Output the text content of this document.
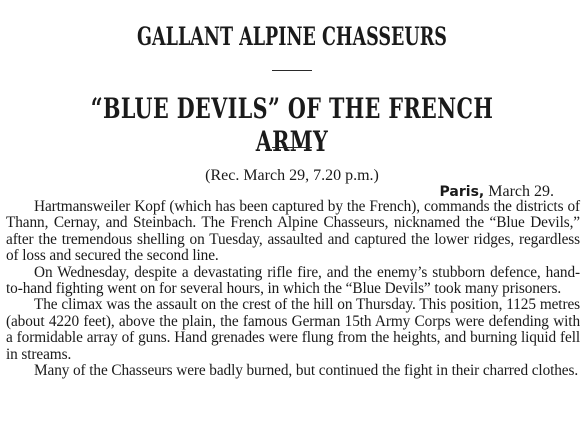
GALLANT ALPINE CHASSEURS
“BLUE DEVILS” OF THE FRENCH ARMY
(Rec. March 29, 7.20 p.m.)
Paris, March 29.

Hartmansweiler Kopf (which has been captured by the French), commands the districts of Thann, Cernay, and Steinbach. The French Alpine Chasseurs, nicknamed the “Blue Devils,” after the tremendous shelling on Tuesday, assaulted and captured the lower ridges, regardless of loss and secured the second line.

On Wednesday, despite a devastating rifle fire, and the enemy’s stubborn defence, hand-to-hand fighting went on for several hours, in which the “Blue Devils” took many prisoners.

The climax was the assault on the crest of the hill on Thursday. This position, 1125 metres (about 4220 feet), above the plain, the famous German 15th Army Corps were defending with a formidable array of guns. Hand grenades were flung from the heights, and burning liquid fell in streams.

Many of the Chasseurs were badly burned, but continued the fight in their charred clothes.
